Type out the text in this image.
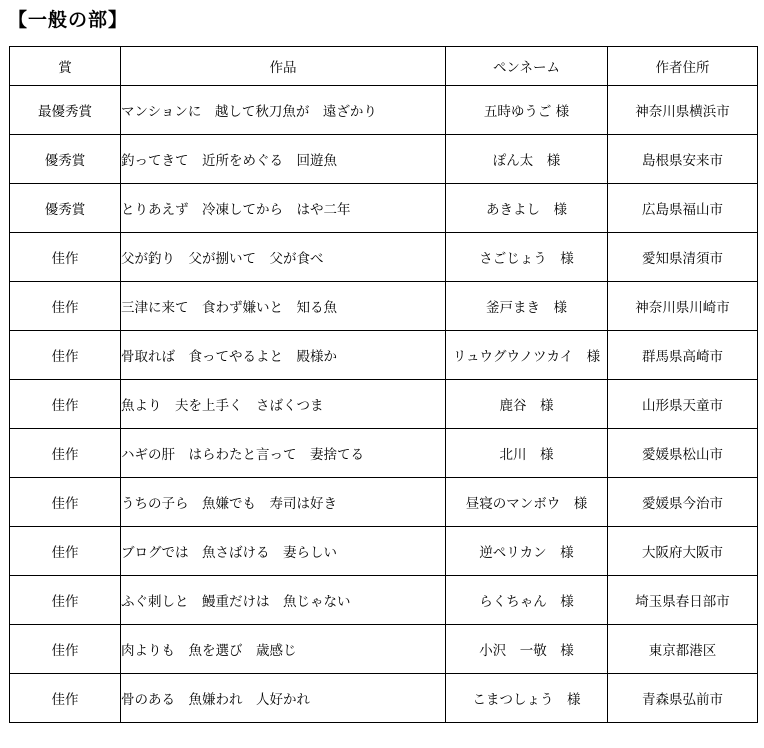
【一般の部】
賞	作品	ペンネーム	作者住所
最優秀賞	マンションに　越して秋刀魚が　遠ざかり	五時ゆうご 様	神奈川県横浜市
優秀賞	釣ってきて　近所をめぐる　回遊魚	ぽん太　様	島根県安来市
優秀賞	とりあえず　冷凍してから　はや二年	あきよし　様	広島県福山市
佳作	父が釣り　父が捌いて　父が食べ	さごじょう　様	愛知県清須市
佳作	三津に来て　食わず嫌いと　知る魚	釜戸まき　様	神奈川県川崎市
佳作	骨取れば　食ってやるよと　殿様か	リュウグウノツカイ　様	群馬県高崎市
佳作	魚より　夫を上手く　さばくつま	鹿谷　様	山形県天童市
佳作	ハギの肝　はらわたと言って　妻捨てる	北川　様	愛媛県松山市
佳作	うちの子ら　魚嫌でも　寿司は好き	昼寝のマンボウ　様	愛媛県今治市
佳作	ブログでは　魚さばける　妻らしい	逆ペリカン　様	大阪府大阪市
佳作	ふぐ刺しと　鰻重だけは　魚じゃない	らくちゃん　様	埼玉県春日部市
佳作	肉よりも　魚を選び　歳感じ	小沢　一敬　様	東京都港区
佳作	骨のある　魚嫌われ　人好かれ	こまつしょう　様	青森県弘前市
